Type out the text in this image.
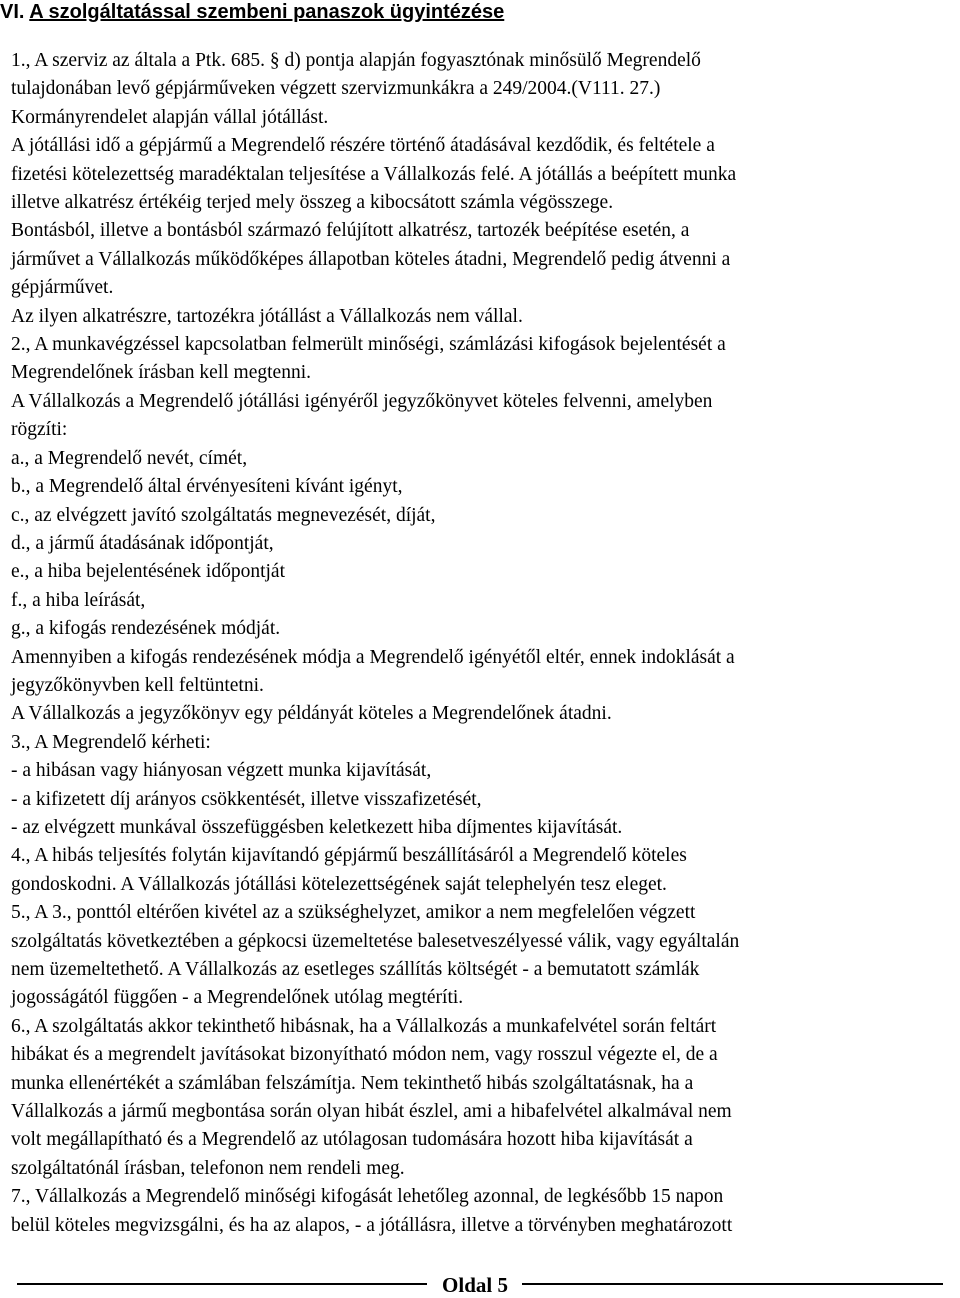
VI. A szolgáltatással szembeni panaszok ügyintézése

1., A szerviz az általa a Ptk. 685. § d) pontja alapján fogyasztónak minősülő Megrendelő

tulajdonában levő gépjárműveken végzett szervizmunkákra a 249/2004.(V111. 27.)

Kormányrendelet alapján vállal jótállást.

A jótállási idő a gépjármű a Megrendelő részére történő átadásával kezdődik, és feltétele a

fizetési kötelezettség maradéktalan teljesítése a Vállalkozás felé. A jótállás a beépített munka

illetve alkatrész értékéig terjed mely összeg a kibocsátott számla végösszege.

Bontásból, illetve a bontásból származó felújított alkatrész, tartozék beépítése esetén, a

járművet a Vállalkozás működőképes állapotban köteles átadni, Megrendelő pedig átvenni a

gépjárművet.

Az ilyen alkatrészre, tartozékra jótállást a Vállalkozás nem vállal.

2., A munkavégzéssel kapcsolatban felmerült minőségi, számlázási kifogások bejelentését a

Megrendelőnek írásban kell megtenni.

A Vállalkozás a Megrendelő jótállási igényéről jegyzőkönyvet köteles felvenni, amelyben

rögzíti:

a., a Megrendelő nevét, címét,

b., a Megrendelő által érvényesíteni kívánt igényt,

c., az elvégzett javító szolgáltatás megnevezését, díját,

d., a jármű átadásának időpontját,

e., a hiba bejelentésének időpontját

f., a hiba leírását,

g., a kifogás rendezésének módját.

Amennyiben a kifogás rendezésének módja a Megrendelő igényétől eltér, ennek indoklását a

jegyzőkönyvben kell feltüntetni.

A Vállalkozás a jegyzőkönyv egy példányát köteles a Megrendelőnek átadni.

3., A Megrendelő kérheti:

- a hibásan vagy hiányosan végzett munka kijavítását,

- a kifizetett díj arányos csökkentését, illetve visszafizetését,

- az elvégzett munkával összefüggésben keletkezett hiba díjmentes kijavítását.

4., A hibás teljesítés folytán kijavítandó gépjármű beszállításáról a Megrendelő köteles

gondoskodni. A Vállalkozás jótállási kötelezettségének saját telephelyén tesz eleget.

5., A 3., ponttól eltérően kivétel az a szükséghelyzet, amikor a nem megfelelően végzett

szolgáltatás következtében a gépkocsi üzemeltetése balesetveszélyessé válik, vagy egyáltalán

nem üzemeltethető. A Vállalkozás az esetleges szállítás költségét - a bemutatott számlák

jogosságától függően - a Megrendelőnek utólag megtéríti.

6., A szolgáltatás akkor tekinthető hibásnak, ha a Vállalkozás a munkafelvétel során feltárt

hibákat és a megrendelt javításokat bizonyítható módon nem, vagy rosszul végezte el, de a

munka ellenértékét a számlában felszámítja. Nem tekinthető hibás szolgáltatásnak, ha a

Vállalkozás a jármű megbontása során olyan hibát észlel, ami a hibafelvétel alkalmával nem

volt megállapítható és a Megrendelő az utólagosan tudomására hozott hiba kijavítását a

szolgáltatónál írásban, telefonon nem rendeli meg.

7., Vállalkozás a Megrendelő minőségi kifogását lehetőleg azonnal, de legkésőbb 15 napon

belül köteles megvizsgálni, és ha az alapos, - a jótállásra, illetve a törvényben meghatározott

Oldal 5
